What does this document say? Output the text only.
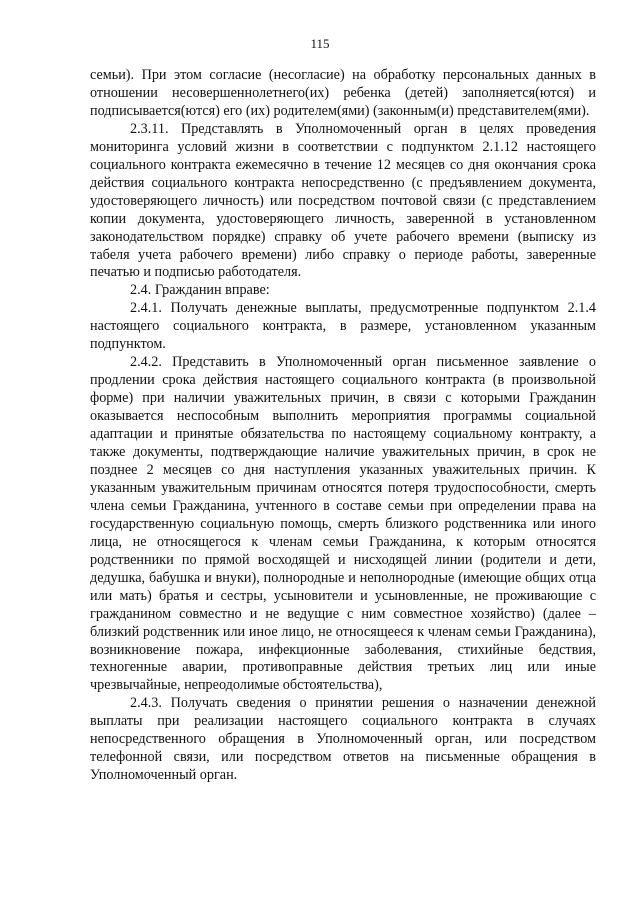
115

семьи). При этом согласие (несогласие) на обработку персональных данных в отношении несовершеннолетнего(их) ребенка (детей) заполняется(ются) и подписывается(ются) его (их) родителем(ями) (законным(и) представителем(ями).

2.3.11. Представлять в Уполномоченный орган в целях проведения мониторинга условий жизни в соответствии с подпунктом 2.1.12 настоящего социального контракта ежемесячно в течение 12 месяцев со дня окончания срока действия социального контракта непосредственно (с предъявлением документа, удостоверяющего личность) или посредством почтовой связи (с представлением копии документа, удостоверяющего личность, заверенной в установленном законодательством порядке) справку об учете рабочего времени (выписку из табеля учета рабочего времени) либо справку о периоде работы, заверенные печатью и подписью работодателя.

2.4. Гражданин вправе:

2.4.1. Получать денежные выплаты, предусмотренные подпунктом 2.1.4 настоящего социального контракта, в размере, установленном указанным подпунктом.

2.4.2. Представить в Уполномоченный орган письменное заявление о продлении срока действия настоящего социального контракта (в произвольной форме) при наличии уважительных причин, в связи с которыми Гражданин оказывается неспособным выполнить мероприятия программы социальной адаптации и принятые обязательства по настоящему социальному контракту, а также документы, подтверждающие наличие уважительных причин, в срок не позднее 2 месяцев со дня наступления указанных уважительных причин. К указанным уважительным причинам относятся потеря трудоспособности, смерть члена семьи Гражданина, учтенного в составе семьи при определении права на государственную социальную помощь, смерть близкого родственника или иного лица, не относящегося к членам семьи Гражданина, к которым относятся родственники по прямой восходящей и нисходящей линии (родители и дети, дедушка, бабушка и внуки), полнородные и неполнородные (имеющие общих отца или мать) братья и сестры, усыновители и усыновленные, не проживающие с гражданином совместно и не ведущие с ним совместное хозяйство) (далее – близкий родственник или иное лицо, не относящееся к членам семьи Гражданина), возникновение пожара, инфекционные заболевания, стихийные бедствия, техногенные аварии, противоправные действия третьих лиц или иные чрезвычайные, непреодолимые обстоятельства),

2.4.3. Получать сведения о принятии решения о назначении денежной выплаты при реализации настоящего социального контракта в случаях непосредственного обращения в Уполномоченный орган, или посредством телефонной связи, или посредством ответов на письменные обращения в Уполномоченный орган.
